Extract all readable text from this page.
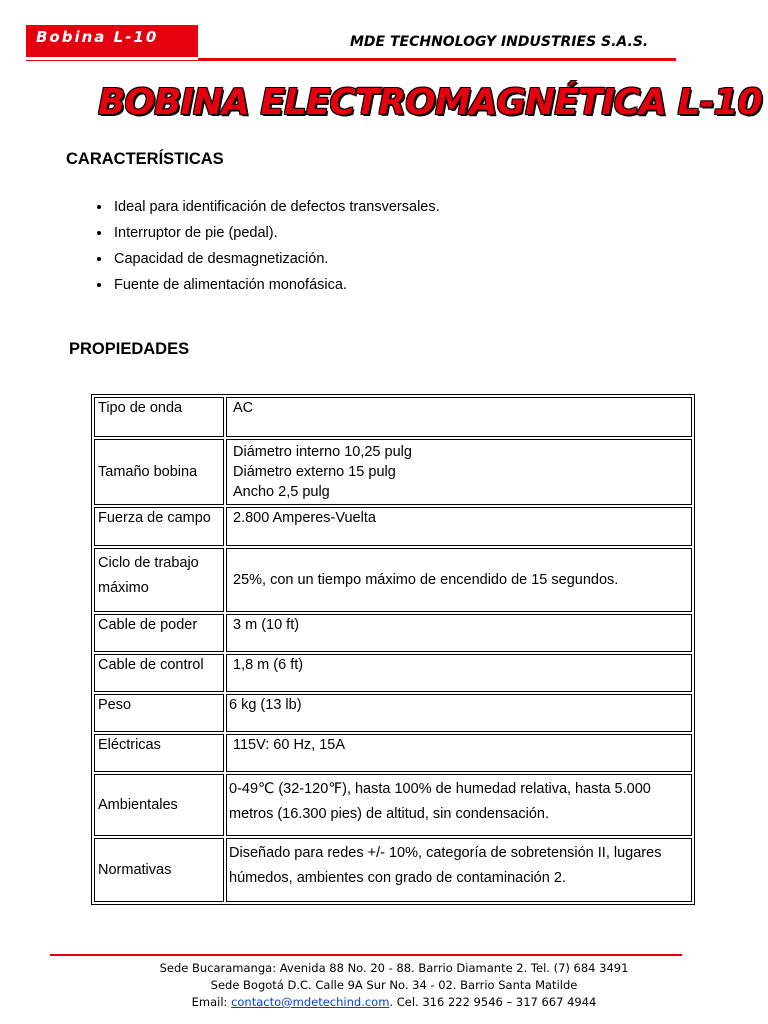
Bobina L-10	MDE TECHNOLOGY INDUSTRIES S.A.S.
BOBINA ELECTROMAGNÉTICA L-10
CARACTERÍSTICAS
• Ideal para identificación de defectos transversales.
• Interruptor de pie (pedal).
• Capacidad de desmagnetización.
• Fuente de alimentación monofásica.
PROPIEDADES
Tipo de onda	AC
Tamaño bobina	Diámetro interno 10,25 pulg
Diámetro externo 15 pulg
Ancho 2,5 pulg

Fuerza de campo	2.800 Amperes-Vuelta

Ciclo de trabajo
máximo	25%, con un tiempo máximo de encendido de 15 segundos.
Cable de poder	3 m (10 ft)
Cable de control	1,8 m (6 ft)
Peso	6 kg (13 lb)
Eléctricas	115V: 60 Hz, 15A
Ambientales	0-49℃ (32-120℉), hasta 100% de humedad relativa, hasta 5.000
metros (16.300 pies) de altitud, sin condensación.

Normativas	Diseñado para redes +/- 10%, categoría de sobretensión II, lugares
húmedos, ambientes con grado de contaminación 2.
Sede Bucaramanga: Avenida 88 No. 20 - 88. Barrio Diamante 2. Tel. (7) 684 3491
Sede Bogotá D.C. Calle 9A Sur No. 34 - 02. Barrio Santa Matilde
Email: contacto@mdetechind.com. Cel. 316 222 9546 – 317 667 4944
